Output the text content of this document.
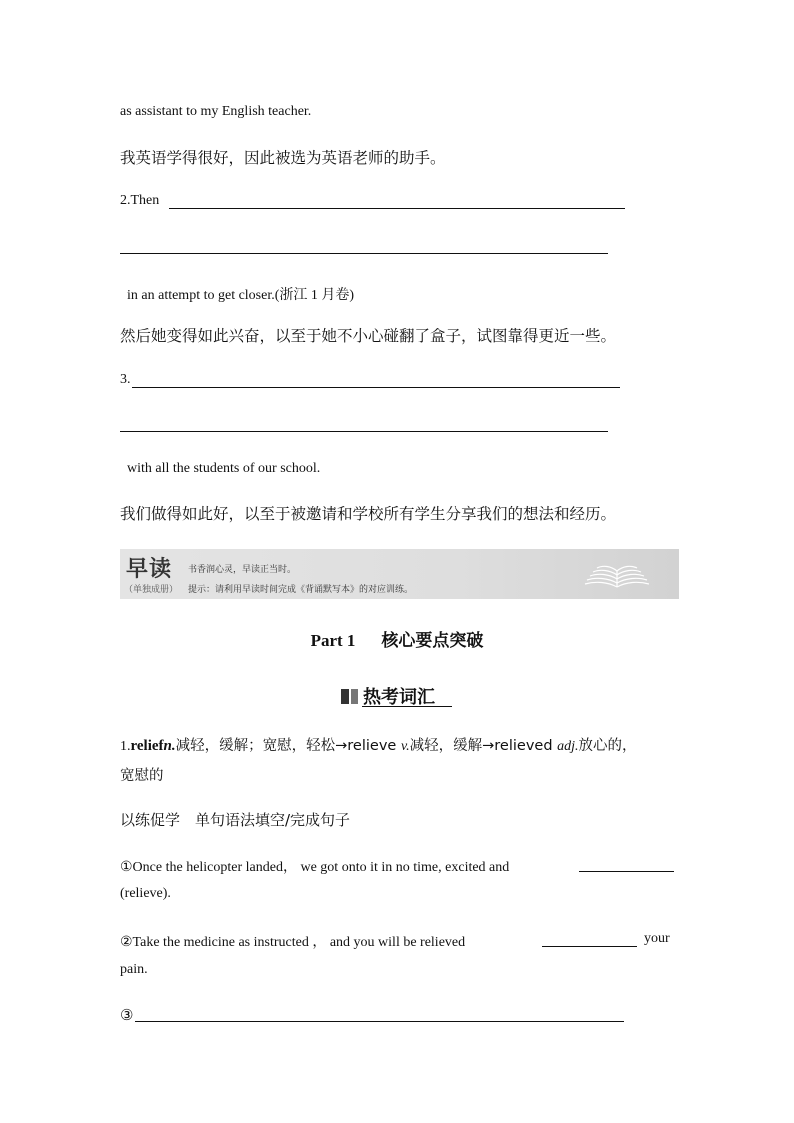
as assistant to my English teacher.
我英语学得很好，因此被选为英语老师的助手。
2.Then
in an attempt to get closer.(浙江 1 月卷)
然后她变得如此兴奋，以至于她不小心碰翻了盒子，试图靠得更近一些。
3.
with all the students of our school.
我们做得如此好，以至于被邀请和学校所有学生分享我们的想法和经历。
早读
（单独成册）
书香润心灵，早读正当时。
提示：请利用早读时间完成《背诵默写本》的对应训练。
Part 1 核心要点突破
热考词汇
1.reliefn.减轻，缓解；宽慰，轻松→relieve v.减轻，缓解→relieved adj.放心的，
宽慰的
以练促学　单句语法填空/完成句子
①Once the helicopter landed， we got onto it in no time, excited and
(relieve).
②Take the medicine as instructed ， and you will be relieved	your
pain.
③
